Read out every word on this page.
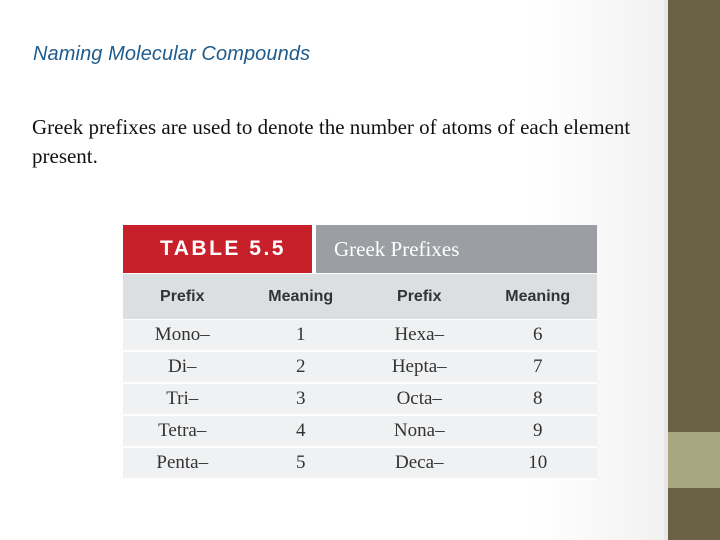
Naming Molecular Compounds

Greek prefixes are used to denote the number of atoms of each element present.

TABLE 5.5	Greek Prefixes
Prefix	Meaning	Prefix	Meaning
Mono–	1	Hexa–	6
Di–	2	Hepta–	7
Tri–	3	Octa–	8
Tetra–	4	Nona–	9
Penta–	5	Deca–	10
